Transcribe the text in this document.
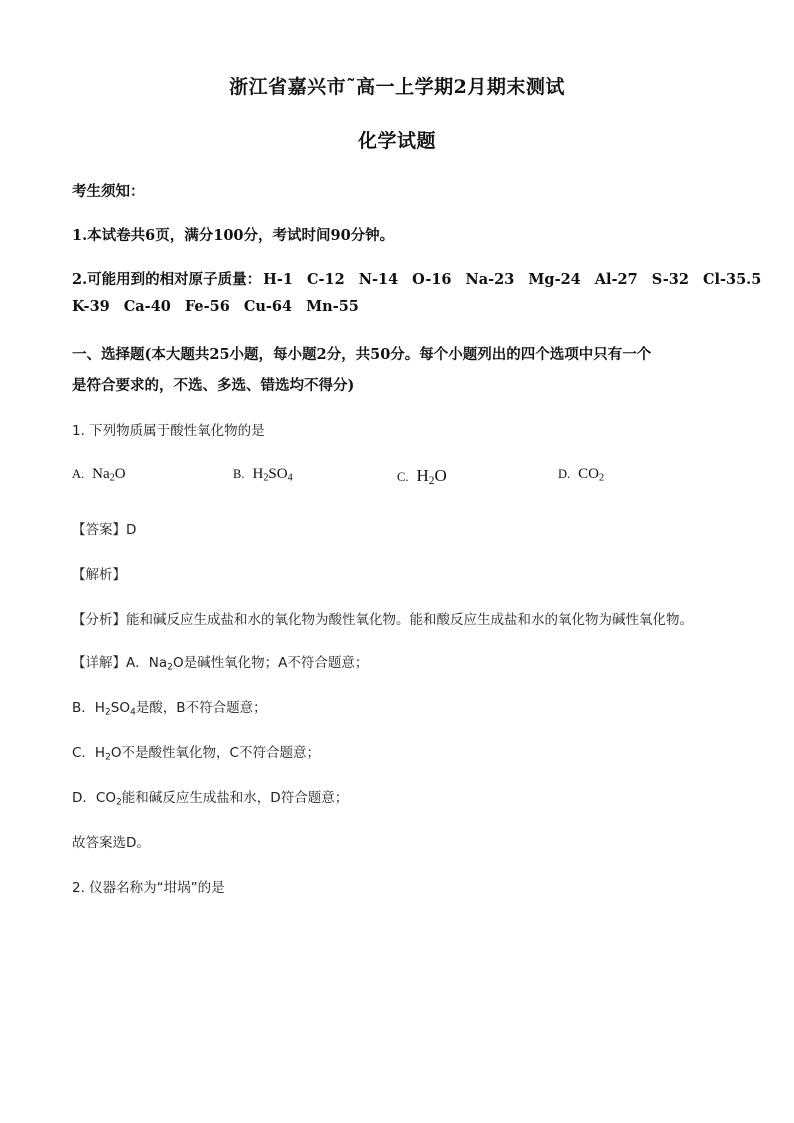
浙江省嘉兴市˜高一上学期2月期末测试
化学试题
考生须知：
1.本试卷共6页，满分100分，考试时间90分钟。
2.可能用到的相对原子质量： H-1 C-12 N-14 O-16 Na-23 Mg-24 Al-27 S-32 Cl-35.5
K-39 Ca-40 Fe-56 Cu-64 Mn-55
一、选择题(本大题共25小题，每小题2分，共50分。每个小题列出的四个选项中只有一个
是符合要求的，不选、多选、错选均不得分)
1. 下列物质属于酸性氧化物的是
A. $Na_2O$	B. $H_2SO_4$	C. $H_2O$	D. $CO_2$
【答案】D
【解析】
【分析】能和碱反应生成盐和水的氧化物为酸性氧化物。能和酸反应生成盐和水的氧化物为碱性氧化物。
【详解】A．$Na_2O$是碱性氧化物；A不符合题意；
B．$H_2SO_4$是酸，B不符合题意；
C．$H_2O$不是酸性氧化物，C不符合题意；
D．$CO_2$能和碱反应生成盐和水，D符合题意；
故答案选D。
2. 仪器名称为“坩埚”的是
